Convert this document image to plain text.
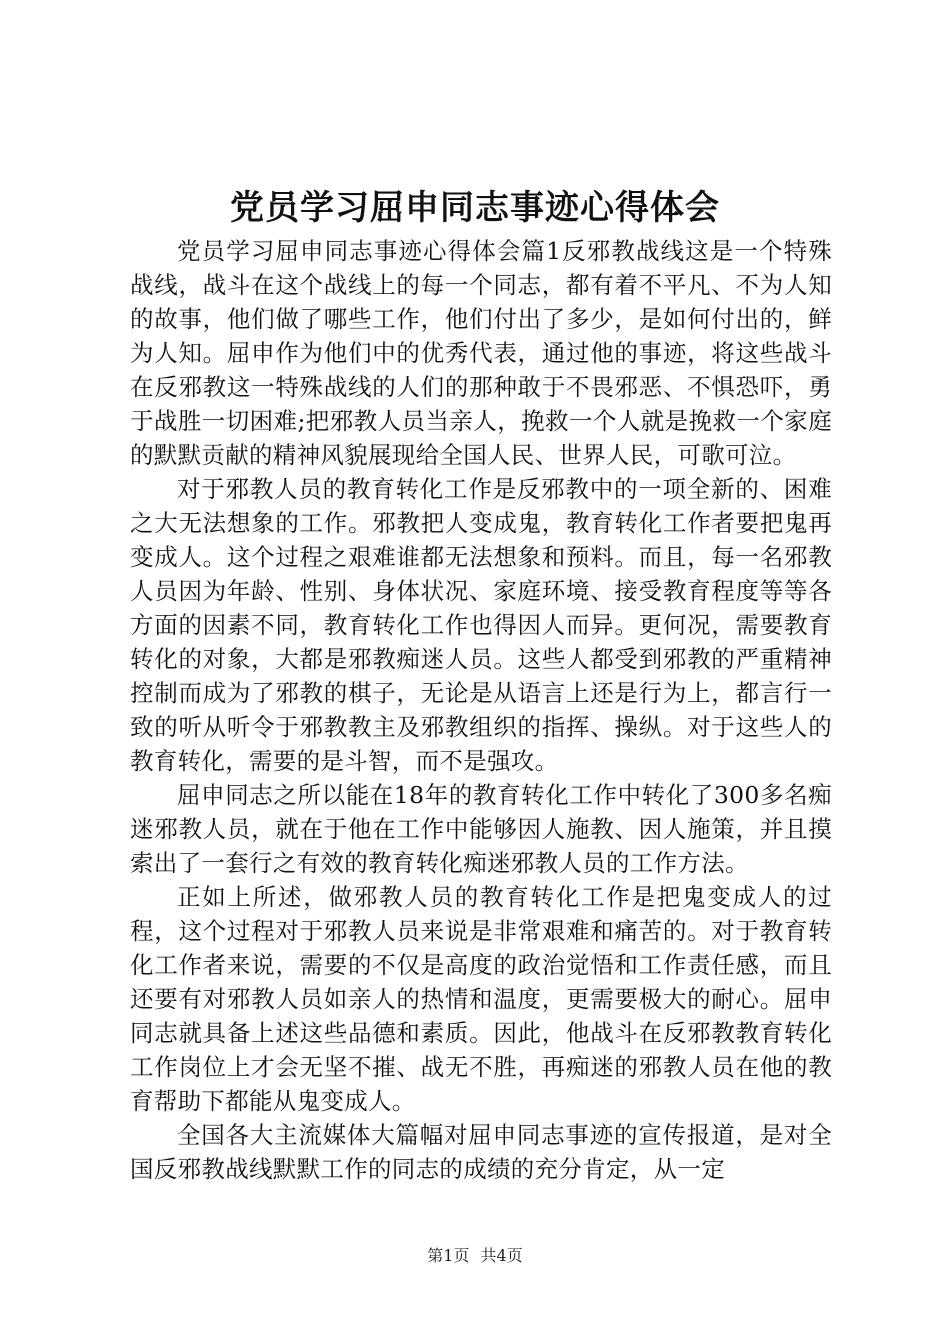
党员学习屈申同志事迹心得体会

党员学习屈申同志事迹心得体会篇1反邪教战线这是一个特殊战线，战斗在这个战线上的每一个同志，都有着不平凡、不为人知的故事，他们做了哪些工作，他们付出了多少，是如何付出的，鲜为人知。屈申作为他们中的优秀代表，通过他的事迹，将这些战斗在反邪教这一特殊战线的人们的那种敢于不畏邪恶、不惧恐吓，勇于战胜一切困难;把邪教人员当亲人，挽救一个人就是挽救一个家庭的默默贡献的精神风貌展现给全国人民、世界人民，可歌可泣。

对于邪教人员的教育转化工作是反邪教中的一项全新的、困难之大无法想象的工作。邪教把人变成鬼，教育转化工作者要把鬼再变成人。这个过程之艰难谁都无法想象和预料。而且，每一名邪教人员因为年龄、性别、身体状况、家庭环境、接受教育程度等等各方面的因素不同，教育转化工作也得因人而异。更何况，需要教育转化的对象，大都是邪教痴迷人员。这些人都受到邪教的严重精神控制而成为了邪教的棋子，无论是从语言上还是行为上，都言行一致的听从听令于邪教教主及邪教组织的指挥、操纵。对于这些人的教育转化，需要的是斗智，而不是强攻。

屈申同志之所以能在18年的教育转化工作中转化了300多名痴迷邪教人员，就在于他在工作中能够因人施教、因人施策，并且摸索出了一套行之有效的教育转化痴迷邪教人员的工作方法。

正如上所述，做邪教人员的教育转化工作是把鬼变成人的过程，这个过程对于邪教人员来说是非常艰难和痛苦的。对于教育转化工作者来说，需要的不仅是高度的政治觉悟和工作责任感，而且还要有对邪教人员如亲人的热情和温度，更需要极大的耐心。屈申同志就具备上述这些品德和素质。因此，他战斗在反邪教教育转化工作岗位上才会无坚不摧、战无不胜，再痴迷的邪教人员在他的教育帮助下都能从鬼变成人。

全国各大主流媒体大篇幅对屈申同志事迹的宣传报道，是对全国反邪教战线默默工作的同志的成绩的充分肯定，从一定

第1页 共4页
